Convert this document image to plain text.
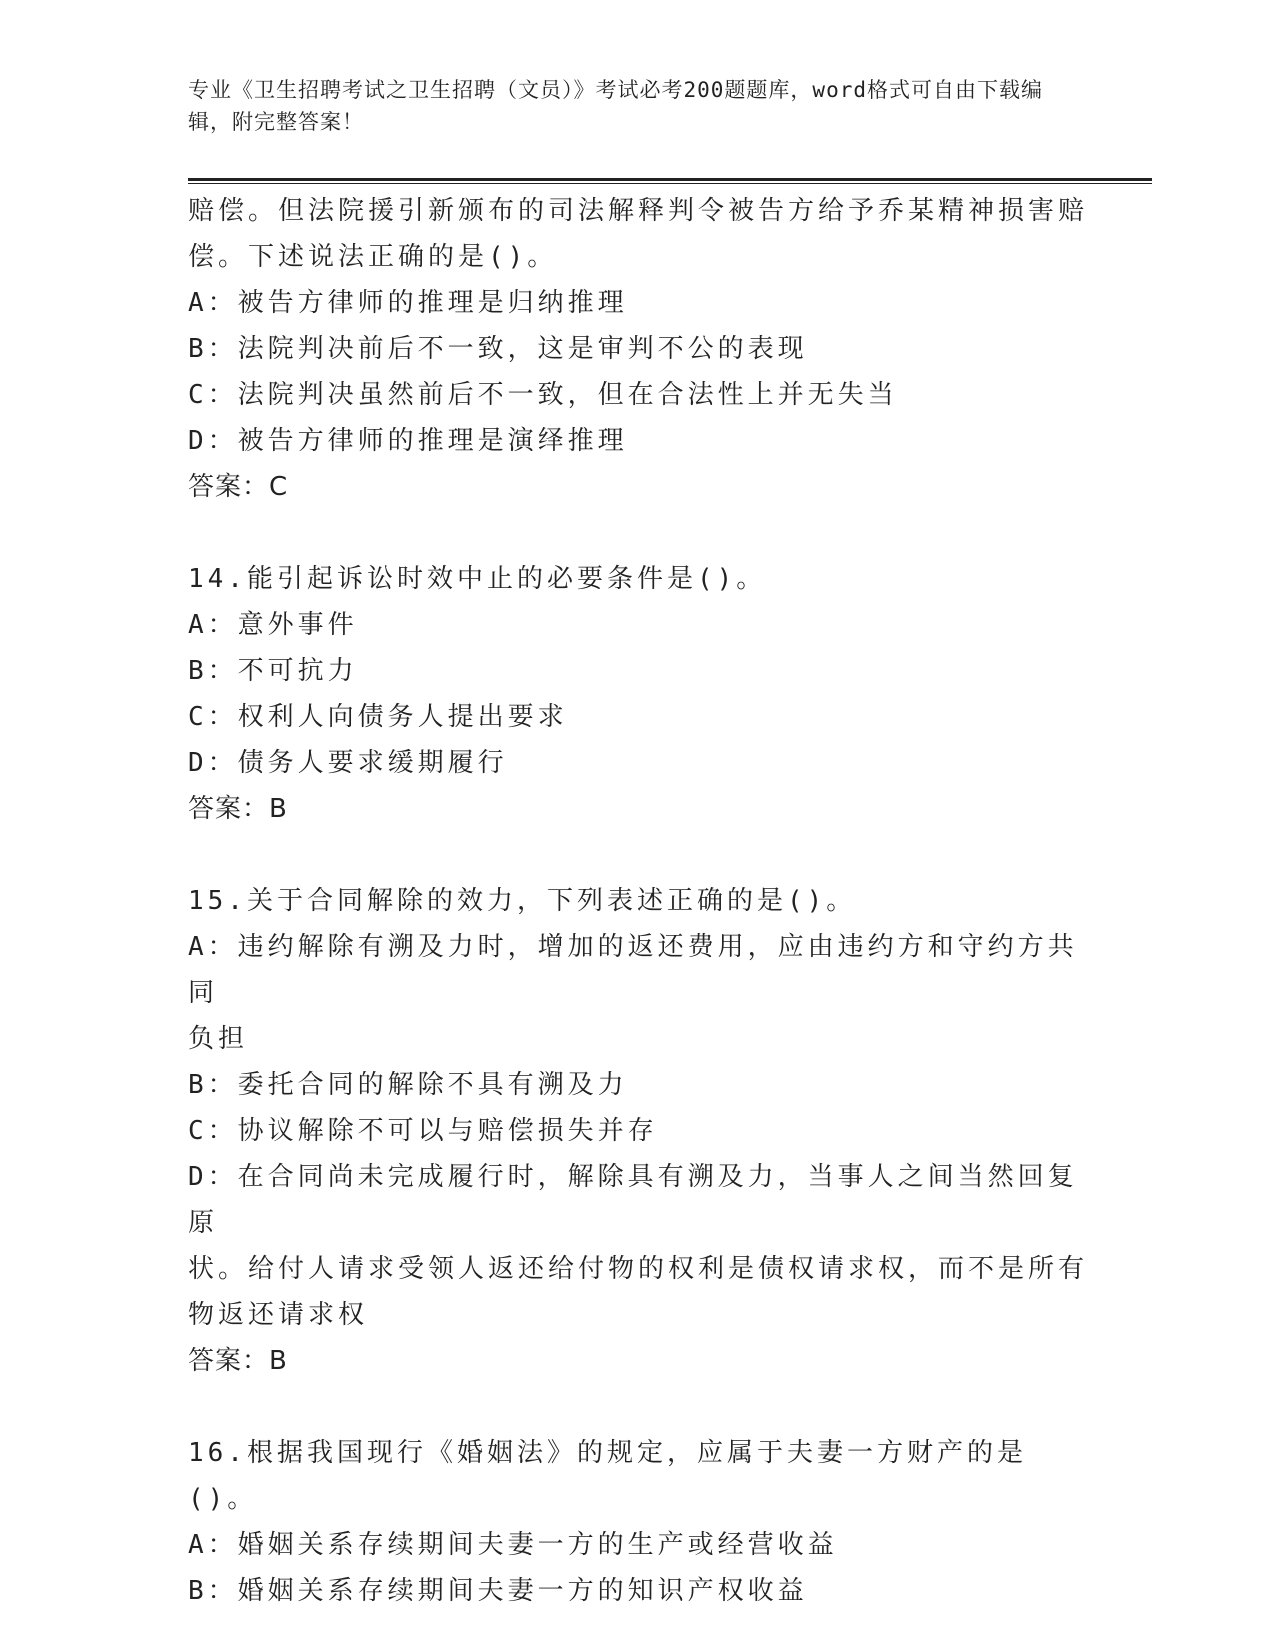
专业《卫生招聘考试之卫生招聘（文员）》考试必考200题题库，word格式可自由下载编辑，附完整答案！

赔偿。但法院援引新颁布的司法解释判令被告方给予乔某精神损害赔

偿。下述说法正确的是()。

A：被告方律师的推理是归纳推理

B：法院判决前后不一致，这是审判不公的表现

C：法院判决虽然前后不一致，但在合法性上并无失当

D：被告方律师的推理是演绎推理

答案：C

14.能引起诉讼时效中止的必要条件是()。

A：意外事件

B：不可抗力

C：权利人向债务人提出要求

D：债务人要求缓期履行

答案：B

15.关于合同解除的效力，下列表述正确的是()。

A：违约解除有溯及力时，增加的返还费用，应由违约方和守约方共同

负担

B：委托合同的解除不具有溯及力

C：协议解除不可以与赔偿损失并存

D：在合同尚未完成履行时，解除具有溯及力，当事人之间当然回复原

状。给付人请求受领人返还给付物的权利是债权请求权，而不是所有

物返还请求权

答案：B

16.根据我国现行《婚姻法》的规定，应属于夫妻一方财产的是()。

A：婚姻关系存续期间夫妻一方的生产或经营收益

B：婚姻关系存续期间夫妻一方的知识产权收益
